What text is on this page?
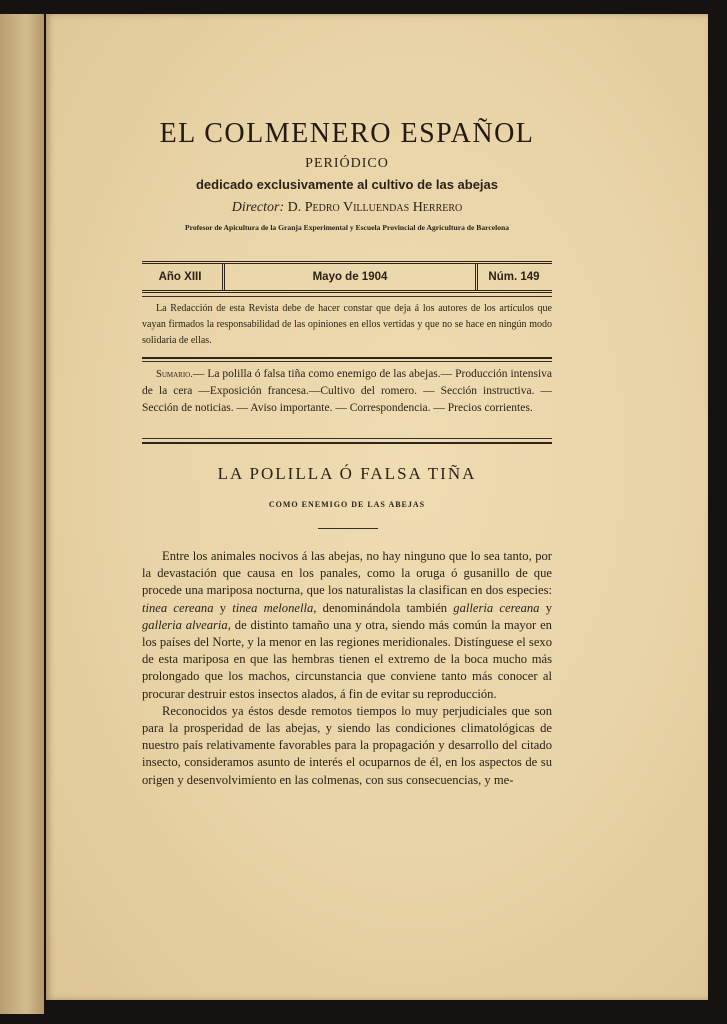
EL COLMENERO ESPAÑOL
PERIÓDICO
dedicado exclusivamente al cultivo de las abejas
Director: D. Pedro Villuendas Herrero
Profesor de Apicultura de la Granja Experimental y Escuela Provincial de Agricultura de Barcelona
Año XIII	Mayo de 1904	Núm. 149
La Redacción de esta Revista debe de hacer constar que deja á los autores de los artículos que vayan firmados la responsabilidad de las opiniones en ellos vertidas y que no se hace en ningún modo solidaria de ellas.
Sumario.— La polilla ó falsa tiña como enemigo de las abejas.— Producción intensiva de la cera —Exposición francesa.—Cultivo del romero. — Sección instructiva. — Sección de noticias. — Aviso importante. — Correspondencia. — Precios corrientes.
LA POLILLA Ó FALSA TIÑA
COMO ENEMIGO DE LAS ABEJAS

Entre los animales nocivos á las abejas, no hay ninguno que lo sea tanto, por la devastación que causa en los panales, como la oruga ó gusanillo de que procede una mariposa nocturna, que los naturalistas la clasifican en dos especies: tinea cereana y tinea melonella, denominándola también galleria cereana y galleria alvearia, de distinto tamaño una y otra, siendo más común la mayor en los países del Norte, y la menor en las regiones meridionales. Distínguese el sexo de esta mariposa en que las hembras tienen el extremo de la boca mucho más prolongado que los machos, circunstancia que conviene tanto más conocer al procurar destruir estos insectos alados, á fin de evitar su reproducción.

Reconocidos ya éstos desde remotos tiempos lo muy perjudiciales que son para la prosperidad de las abejas, y siendo las condiciones climatológicas de nuestro país relativamente favorables para la propagación y desarrollo del citado insecto, consideramos asunto de interés el ocuparnos de él, en los aspectos de su origen y desenvolvimiento en las colmenas, con sus consecuencias, y me-
